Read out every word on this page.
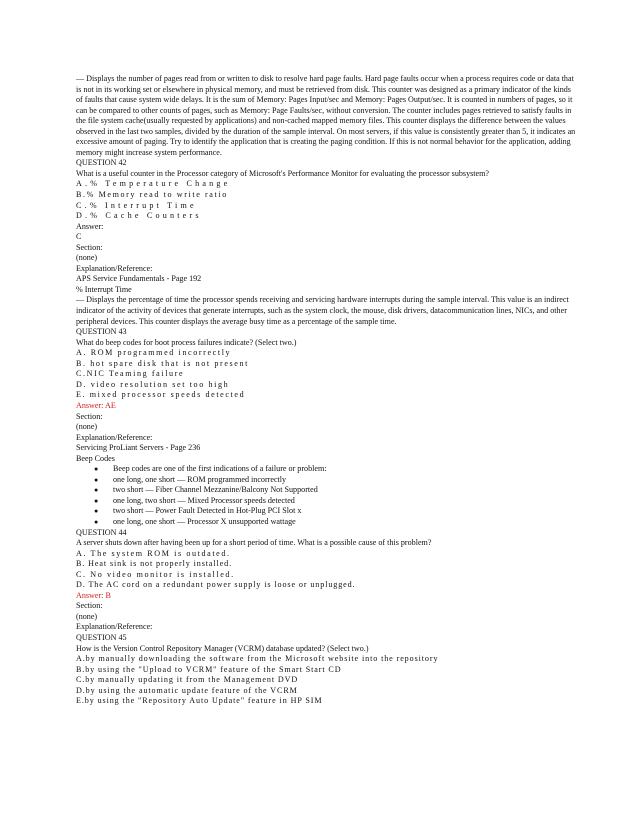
— Displays the number of pages read from or written to disk to resolve hard page faults. Hard page faults occur when a process requires code or data that is not in its working set or elsewhere in physical memory, and must be retrieved from disk. This counter was designed as a primary indicator of the kinds of faults that cause system wide delays. It is the sum of Memory: Pages Input/sec and Memory: Pages Output/sec. It is counted in numbers of pages, so it can be compared to other counts of pages, such as Memory: Page Faults/sec, without conversion. The counter includes pages retrieved to satisfy faults in the file system cache(usually requested by applications) and non-cached mapped memory files. This counter displays the difference between the values observed in the last two samples, divided by the duration of the sample interval. On most servers, if this value is consistently greater than 5, it indicates an excessive amount of paging. Try to identify the application that is creating the paging condition. If this is not normal behavior for the application, adding memory might increase system performance.
QUESTION 42
What is a useful counter in the Processor category of Microsoft's Performance Monitor for evaluating the processor subsystem?
A.% Temperature Change
B.% Memory read to write ratio
C.% Interrupt Time
D.% Cache Counters
Answer:
C
Section:
(none)
Explanation/Reference:
APS Service Fundamentals - Page 192
% Interrupt Time
— Displays the percentage of time the processor spends receiving and servicing hardware interrupts during the sample interval. This value is an indirect indicator of the activity of devices that generate interrupts, such as the system clock, the mouse, disk drivers, datacommunication lines, NICs, and other peripheral devices. This counter displays the average busy time as a percentage of the sample time.
QUESTION 43
What do beep codes for boot process failures indicate? (Select two.)
A. ROM programmed incorrectly
B. hot spare disk that is not present
C.NIC Teaming failure
D. video resolution set too high
E. mixed processor speeds detected
Answer: AE
Section:
(none)
Explanation/Reference:
Servicing ProLiant Servers - Page 236
Beep Codes
● Beep codes are one of the first indications of a failure or problem:
● one long, one short — ROM programmed incorrectly
● two short — Fiber Channel Mezzanine/Balcony Not Supported
● one long, two short — Mixed Processor speeds detected
● two short — Power Fault Detected in Hot-Plug PCI Slot x
● one long, one short — Processor X unsupported wattage
QUESTION 44
A server shuts down after having been up for a short period of time. What is a possible cause of this problem?
A. The system ROM is outdated.
B. Heat sink is not properly installed.
C. No video monitor is installed.
D. The AC cord on a redundant power supply is loose or unplugged.
Answer: B
Section:
(none)
Explanation/Reference:
QUESTION 45
How is the Version Control Repository Manager (VCRM) database updated? (Select two.)
A.by manually downloading the software from the Microsoft website into the repository
B.by using the "Upload to VCRM" feature of the Smart Start CD
C.by manually updating it from the Management DVD
D.by using the automatic update feature of the VCRM
E.by using the "Repository Auto Update" feature in HP SIM
